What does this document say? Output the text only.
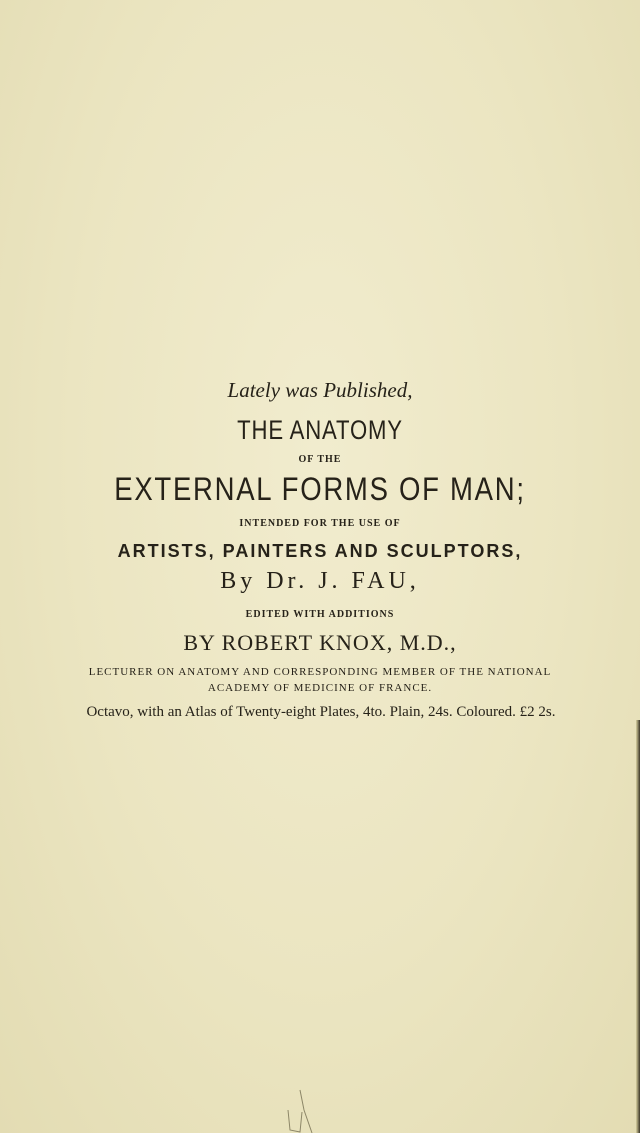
Lately was Published,
THE ANATOMY
OF THE
EXTERNAL FORMS OF MAN;
INTENDED FOR THE USE OF
ARTISTS, PAINTERS AND SCULPTORS,
By Dr. J. FAU,
EDITED WITH ADDITIONS
BY ROBERT KNOX, M.D.,
LECTURER ON ANATOMY AND CORRESPONDING MEMBER OF THE NATIONAL
ACADEMY OF MEDICINE OF FRANCE.
Octavo, with an Atlas of Twenty-eight Plates, 4to. Plain, 24s. Coloured. £2 2s.
